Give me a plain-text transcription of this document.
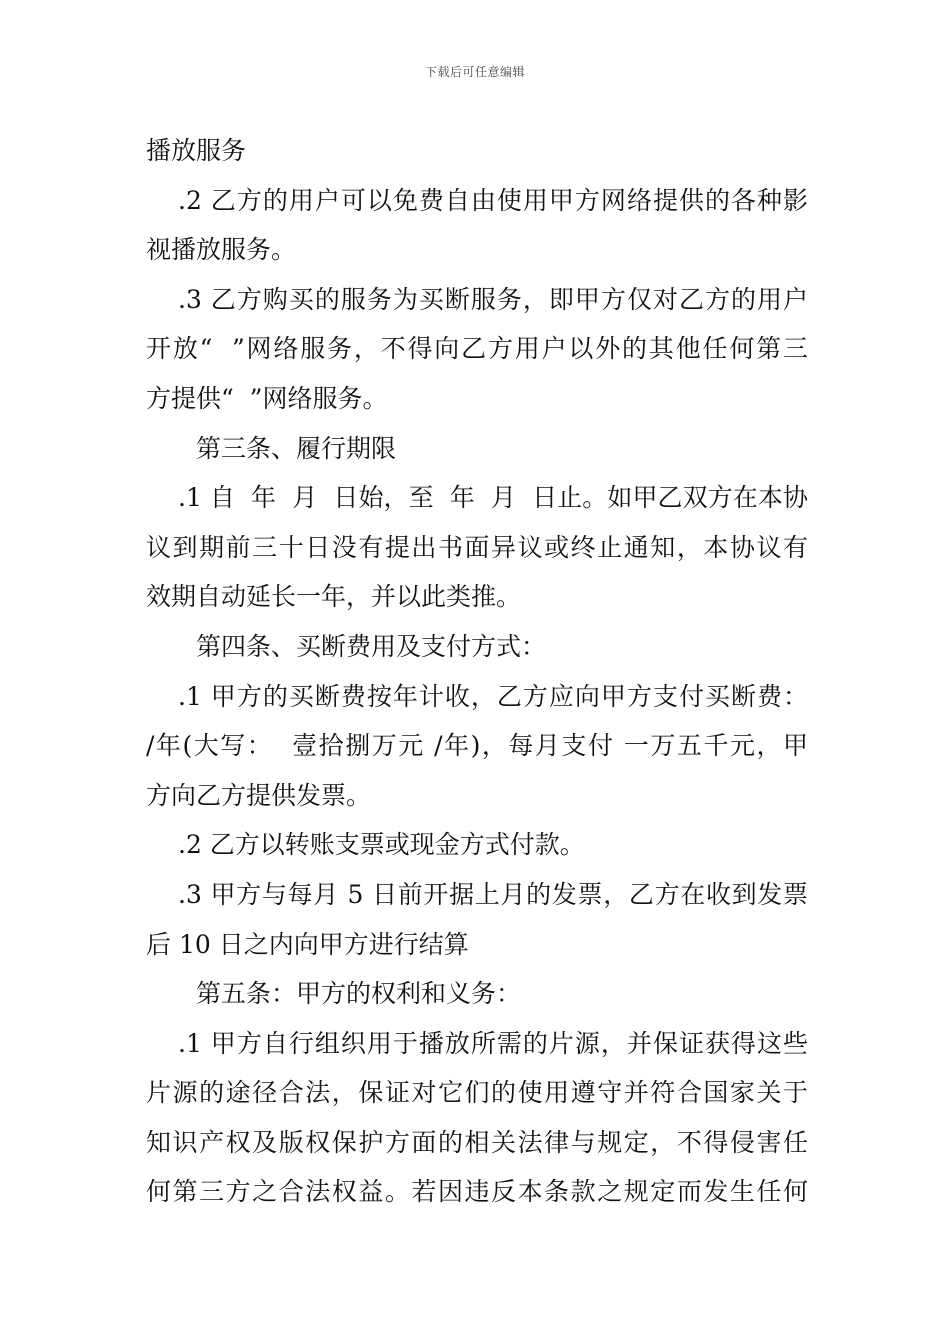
下载后可任意编辑
播放服务
.2 乙方的用户可以免费自由使用甲方网络提供的各种影
视播放服务。
.3 乙方购买的服务为买断服务，即甲方仅对乙方的用户
开放“  ”网络服务，不得向乙方用户以外的其他任何第三
方提供“  ”网络服务。
第三条、履行期限
.1 自  年  月  日始，至  年  月  日止。如甲乙双方在本协
议到期前三十日没有提出书面异议或终止通知，本协议有
效期自动延长一年，并以此类推。
第四条、买断费用及支付方式：
.1 甲方的买断费按年计收，乙方应向甲方支付买断费：
/年(大写：  壹拾捌万元 /年)，每月支付 一万五千元，甲
方向乙方提供发票。
.2 乙方以转账支票或现金方式付款。
.3 甲方与每月 5 日前开据上月的发票，乙方在收到发票
后 10 日之内向甲方进行结算
第五条：甲方的权利和义务：
.1 甲方自行组织用于播放所需的片源，并保证获得这些
片源的途径合法，保证对它们的使用遵守并符合国家关于
知识产权及版权保护方面的相关法律与规定，不得侵害任
何第三方之合法权益。若因违反本条款之规定而发生任何
